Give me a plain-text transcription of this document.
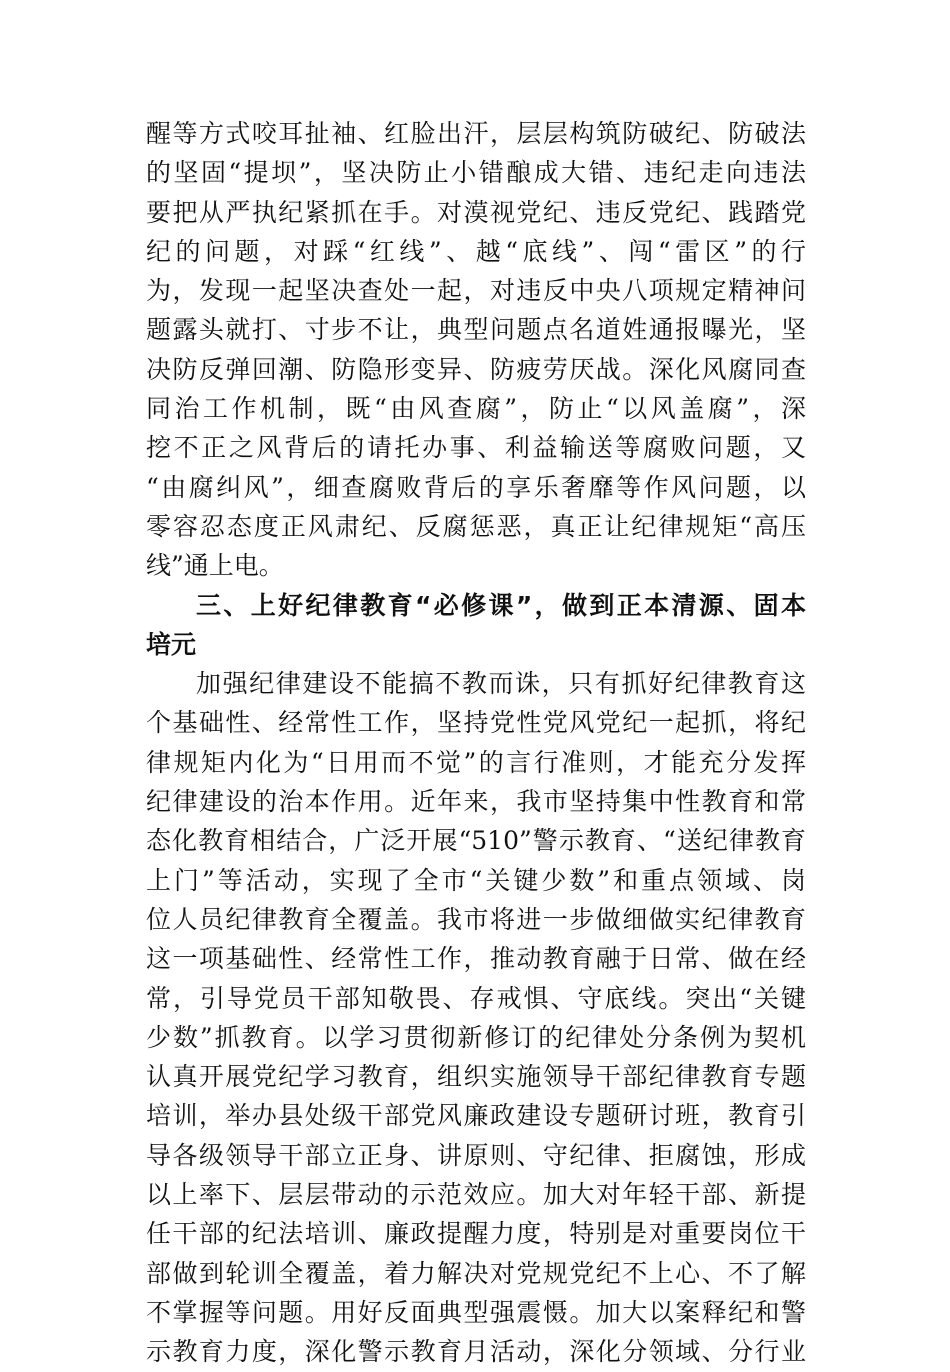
醒等方式咬耳扯袖、红脸出汗，层层构筑防破纪、防破法
的坚固“提坝”，坚决防止小错酿成大错、违纪走向违法
要把从严执纪紧抓在手。对漠视党纪、违反党纪、践踏党
纪的问题，对踩“红线”、越“底线”、闯“雷区”的行
为，发现一起坚决查处一起，对违反中央八项规定精神问
题露头就打、寸步不让，典型问题点名道姓通报曝光，坚
决防反弹回潮、防隐形变异、防疲劳厌战。深化风腐同查
同治工作机制，既“由风查腐”，防止“以风盖腐”，深
挖不正之风背后的请托办事、利益输送等腐败问题，又
“由腐纠风”，细查腐败背后的享乐奢靡等作风问题，以
零容忍态度正风肃纪、反腐惩恶，真正让纪律规矩“高压
线”通上电。
三、上好纪律教育“必修课”，做到正本清源、固本
培元
加强纪律建设不能搞不教而诛，只有抓好纪律教育这
个基础性、经常性工作，坚持党性党风党纪一起抓，将纪
律规矩内化为“日用而不觉”的言行准则，才能充分发挥
纪律建设的治本作用。近年来，我市坚持集中性教育和常
态化教育相结合，广泛开展“510”警示教育、“送纪律教育
上门”等活动，实现了全市“关键少数”和重点领域、岗
位人员纪律教育全覆盖。我市将进一步做细做实纪律教育
这一项基础性、经常性工作，推动教育融于日常、做在经
常，引导党员干部知敬畏、存戒惧、守底线。突出“关键
少数”抓教育。以学习贯彻新修订的纪律处分条例为契机
认真开展党纪学习教育，组织实施领导干部纪律教育专题
培训，举办县处级干部党风廉政建设专题研讨班，教育引
导各级领导干部立正身、讲原则、守纪律、拒腐蚀，形成
以上率下、层层带动的示范效应。加大对年轻干部、新提
任干部的纪法培训、廉政提醒力度，特别是对重要岗位干
部做到轮训全覆盖，着力解决对党规党纪不上心、不了解
不掌握等问题。用好反面典型强震慑。加大以案释纪和警
示教育力度，深化警示教育月活动，深化分领域、分行业
